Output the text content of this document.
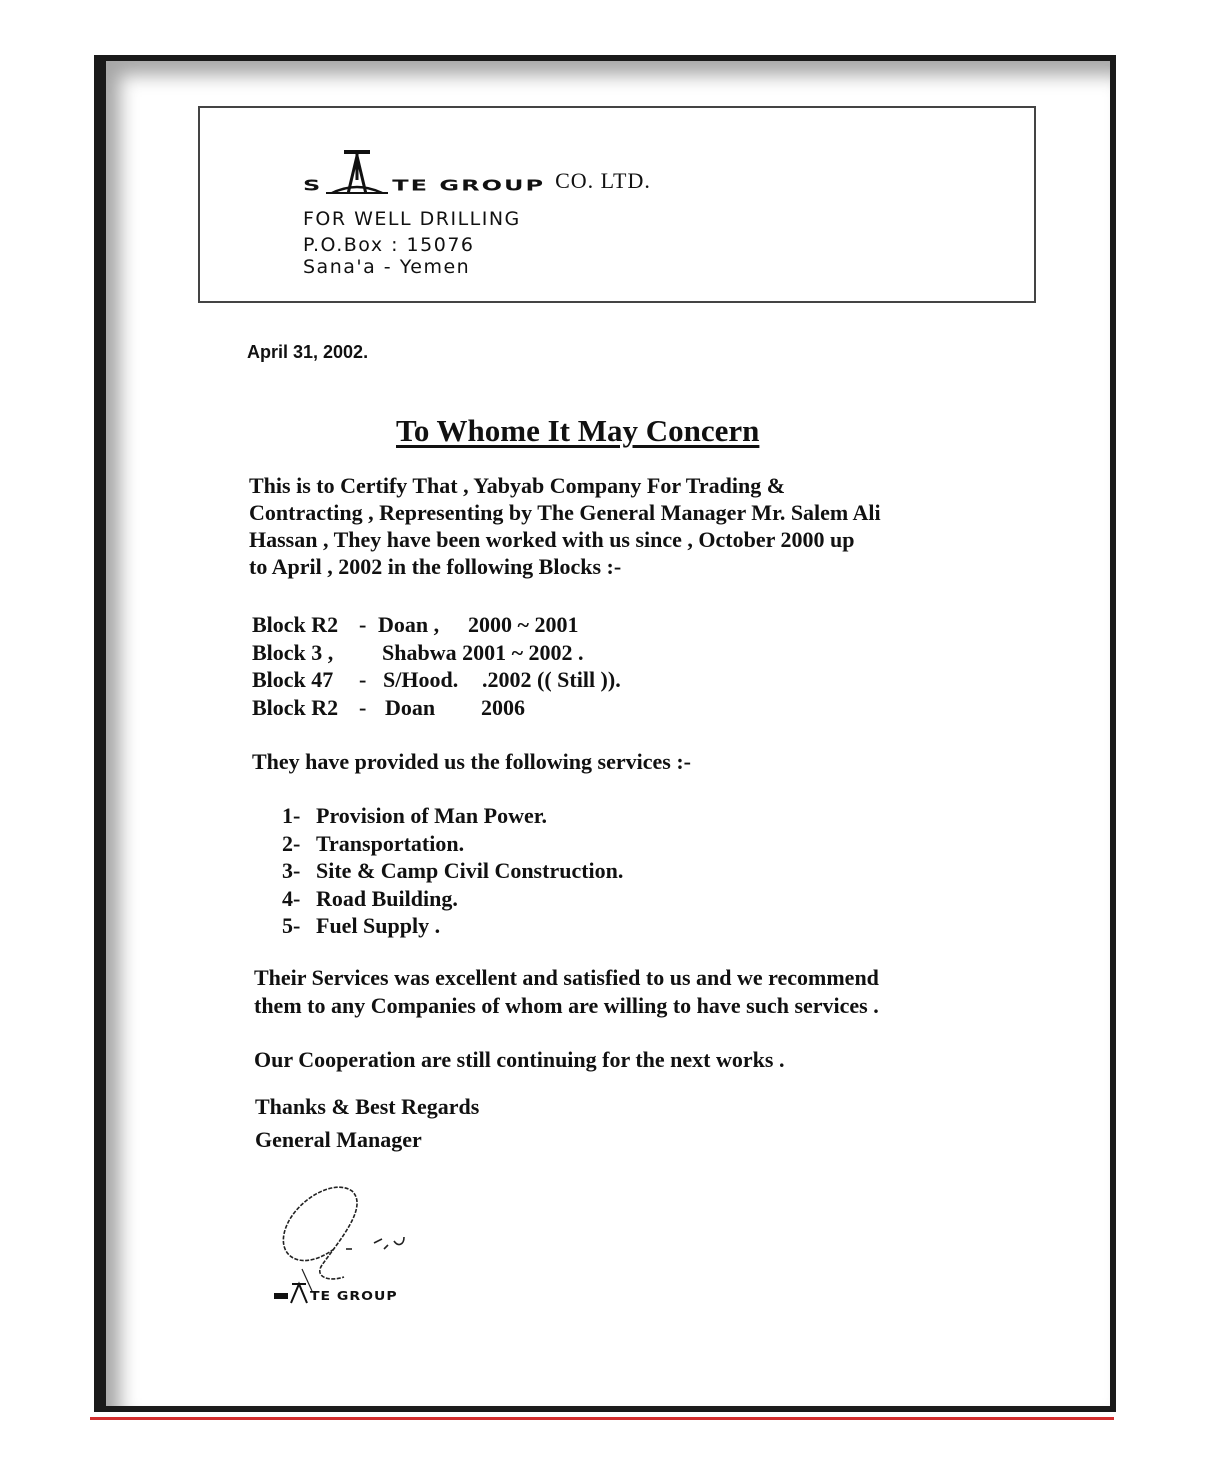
S	TE GROUP CO. LTD.
FOR WELL DRILLING
P.O.Box : 15076
Sana'a - Yemen
April 31, 2002.
To Whome It May Concern
This is to Certify That , Yabyab Company For Trading &
Contracting , Representing by The General Manager Mr. Salem Ali
Hassan , They have been worked with us since , October 2000 up
to April , 2002 in the following Blocks :-
Block R2 - Doan , 2000 ~ 2001
Block 3 , Shabwa 2001 ~ 2002 .
Block 47 - S/Hood. .2002 (( Still )).
Block R2 - Doan 2006
They have provided us the following services :-
1- Provision of Man Power.
2- Transportation.
3- Site & Camp Civil Construction.
4- Road Building.
5- Fuel Supply .
Their Services was excellent and satisfied to us and we recommend
them to any Companies of whom are willing to have such services .
Our Cooperation are still continuing for the next works .
Thanks & Best Regards
General Manager
TE GROUP
